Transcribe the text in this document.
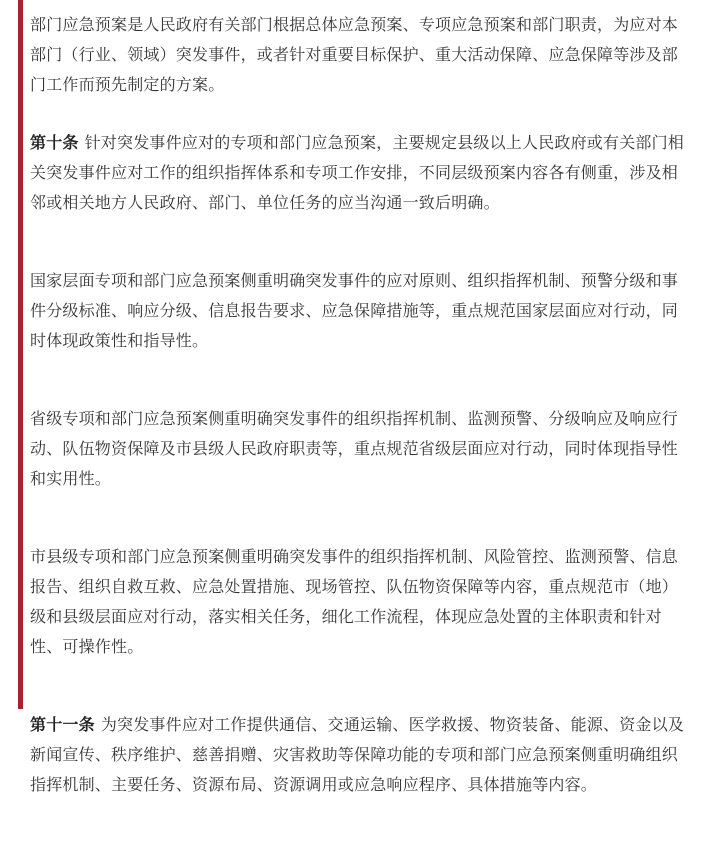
部门应急预案是人民政府有关部门根据总体应急预案、专项应急预案和部门职责，为应对本部门（行业、领域）突发事件，或者针对重要目标保护、重大活动保障、应急保障等涉及部门工作而预先制定的方案。

第十条 针对突发事件应对的专项和部门应急预案，主要规定县级以上人民政府或有关部门相关突发事件应对工作的组织指挥体系和专项工作安排，不同层级预案内容各有侧重，涉及相邻或相关地方人民政府、部门、单位任务的应当沟通一致后明确。

国家层面专项和部门应急预案侧重明确突发事件的应对原则、组织指挥机制、预警分级和事件分级标准、响应分级、信息报告要求、应急保障措施等，重点规范国家层面应对行动，同时体现政策性和指导性。

省级专项和部门应急预案侧重明确突发事件的组织指挥机制、监测预警、分级响应及响应行动、队伍物资保障及市县级人民政府职责等，重点规范省级层面应对行动，同时体现指导性和实用性。

市县级专项和部门应急预案侧重明确突发事件的组织指挥机制、风险管控、监测预警、信息报告、组织自救互救、应急处置措施、现场管控、队伍物资保障等内容，重点规范市（地）级和县级层面应对行动，落实相关任务，细化工作流程，体现应急处置的主体职责和针对性、可操作性。

第十一条 为突发事件应对工作提供通信、交通运输、医学救援、物资装备、能源、资金以及新闻宣传、秩序维护、慈善捐赠、灾害救助等保障功能的专项和部门应急预案侧重明确组织指挥机制、主要任务、资源布局、资源调用或应急响应程序、具体措施等内容。
